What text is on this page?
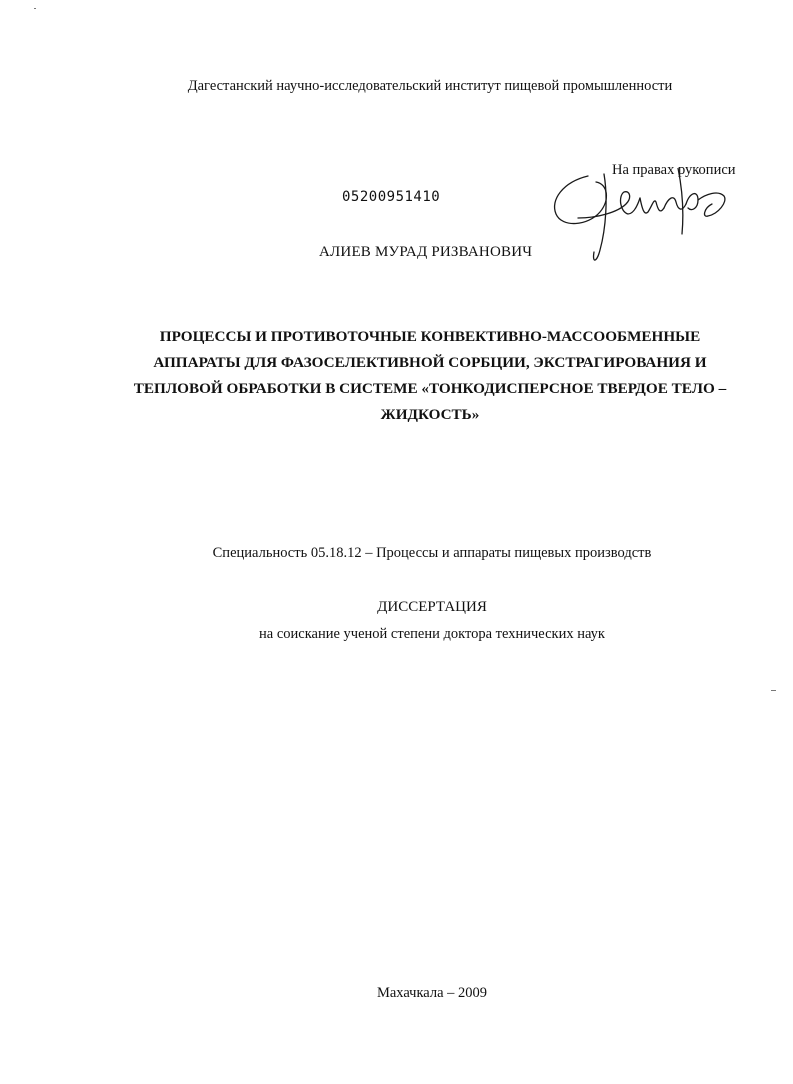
Дагестанский научно-исследовательский институт пищевой промышленности
На правах рукописи
05200951410
АЛИЕВ МУРАД РИЗВАНОВИЧ
ПРОЦЕССЫ И ПРОТИВОТОЧНЫЕ КОНВЕКТИВНО-МАССООБМЕННЫЕ
АППАРАТЫ ДЛЯ ФАЗОСЕЛЕКТИВНОЙ СОРБЦИИ, ЭКСТРАГИРОВАНИЯ И
ТЕПЛОВОЙ ОБРАБОТКИ В СИСТЕМЕ «ТОНКОДИСПЕРСНОЕ ТВЕРДОЕ ТЕЛО –
ЖИДКОСТЬ»
Специальность 05.18.12 – Процессы и аппараты пищевых производств
ДИССЕРТАЦИЯ
на соискание ученой степени доктора технических наук
Махачкала – 2009
